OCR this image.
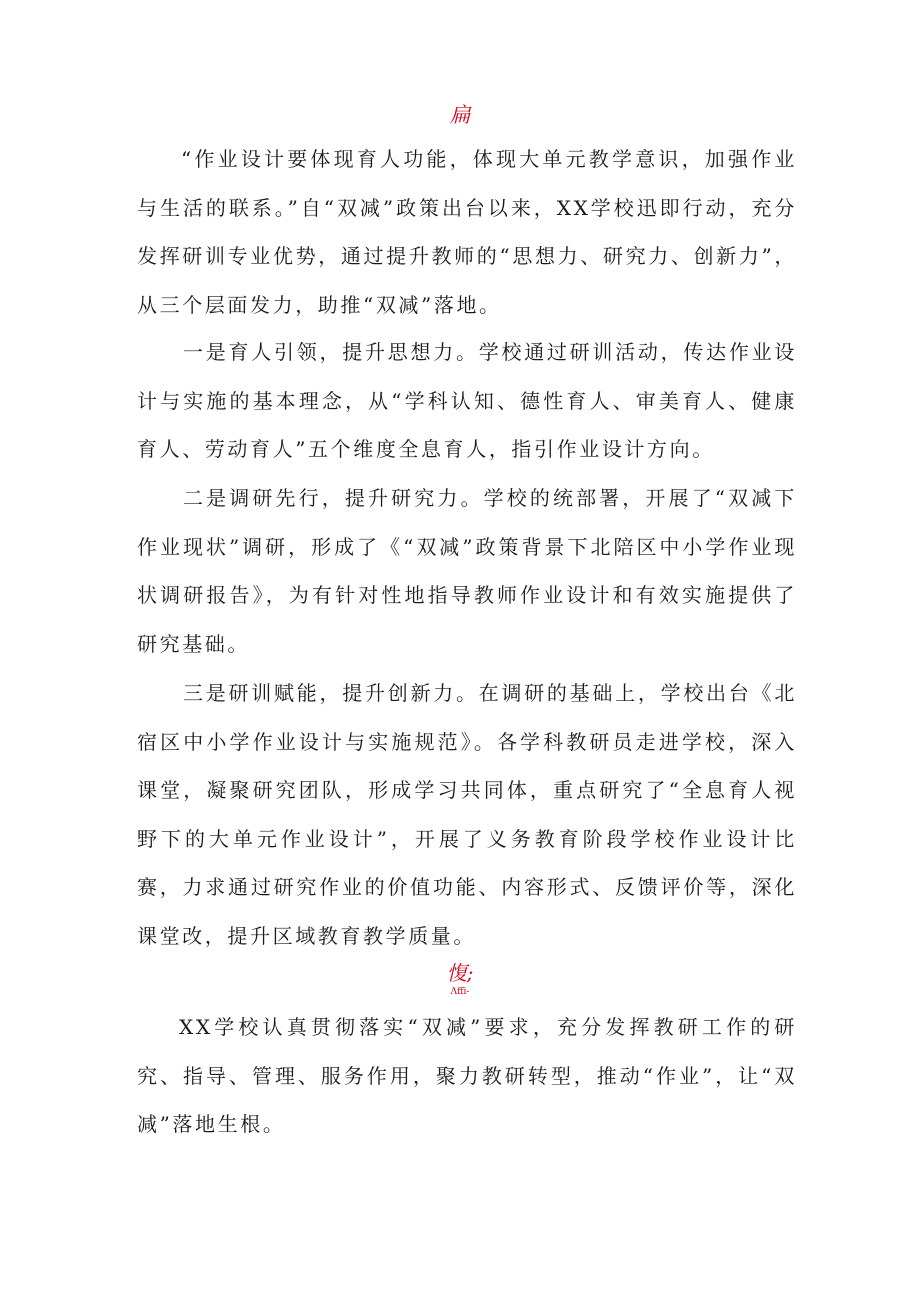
扁

“作业设计要体现育人功能，体现大单元教学意识，加强作业与生活的联系。”自“双减”政策出台以来，XX学校迅即行动，充分发挥研训专业优势，通过提升教师的“思想力、研究力、创新力”，从三个层面发力，助推“双减”落地。

一是育人引领，提升思想力。学校通过研训活动，传达作业设计与实施的基本理念，从“学科认知、德性育人、审美育人、健康育人、劳动育人”五个维度全息育人，指引作业设计方向。

二是调研先行，提升研究力。学校的统部署，开展了“双减下作业现状”调研，形成了《“双减”政策背景下北陪区中小学作业现状调研报告》，为有针对性地指导教师作业设计和有效实施提供了研究基础。

三是研训赋能，提升创新力。在调研的基础上，学校出台《北宿区中小学作业设计与实施规范》。各学科教研员走进学校，深入课堂，凝聚研究团队，形成学习共同体，重点研究了“全息育人视野下的大单元作业设计”，开展了义务教育阶段学校作业设计比赛，力求通过研究作业的价值功能、内容形式、反馈评价等，深化课堂改，提升区域教育教学质量。

愎;
Λffi-

XX学校认真贯彻落实“双减”要求，充分发挥教研工作的研究、指导、管理、服务作用，聚力教研转型，推动“作业”，让“双减”落地生根。
